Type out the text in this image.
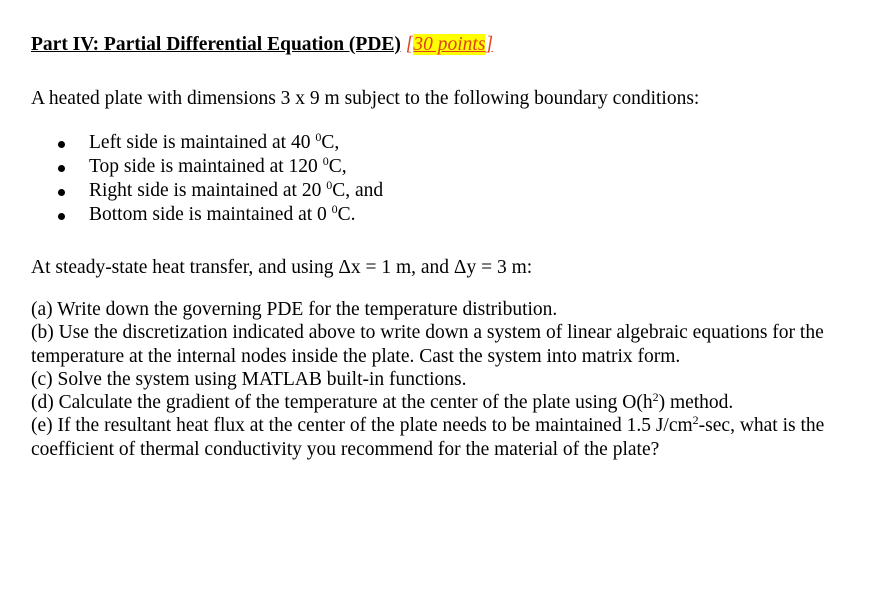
Part IV: Partial Differential Equation (PDE) [30 points]
A heated plate with dimensions 3 x 9 m subject to the following boundary conditions:
Left side is maintained at 40 $^0$C,
Top side is maintained at 120 $^0$C,
Right side is maintained at 20 $^0$C, and
Bottom side is maintained at 0 $^0$C.
At steady-state heat transfer, and using Δx = 1 m, and Δy = 3 m:

(a) Write down the governing PDE for the temperature distribution.

(b) Use the discretization indicated above to write down a system of linear algebraic equations for the temperature at the internal nodes inside the plate. Cast the system into matrix form.

(c) Solve the system using MATLAB built-in functions.

(d) Calculate the gradient of the temperature at the center of the plate using $O(h^2)$ method.

(e) If the resultant heat flux at the center of the plate needs to be maintained 1.5 $J/cm^2-\sec$, what is the coefficient of thermal conductivity you recommend for the material of the plate?
